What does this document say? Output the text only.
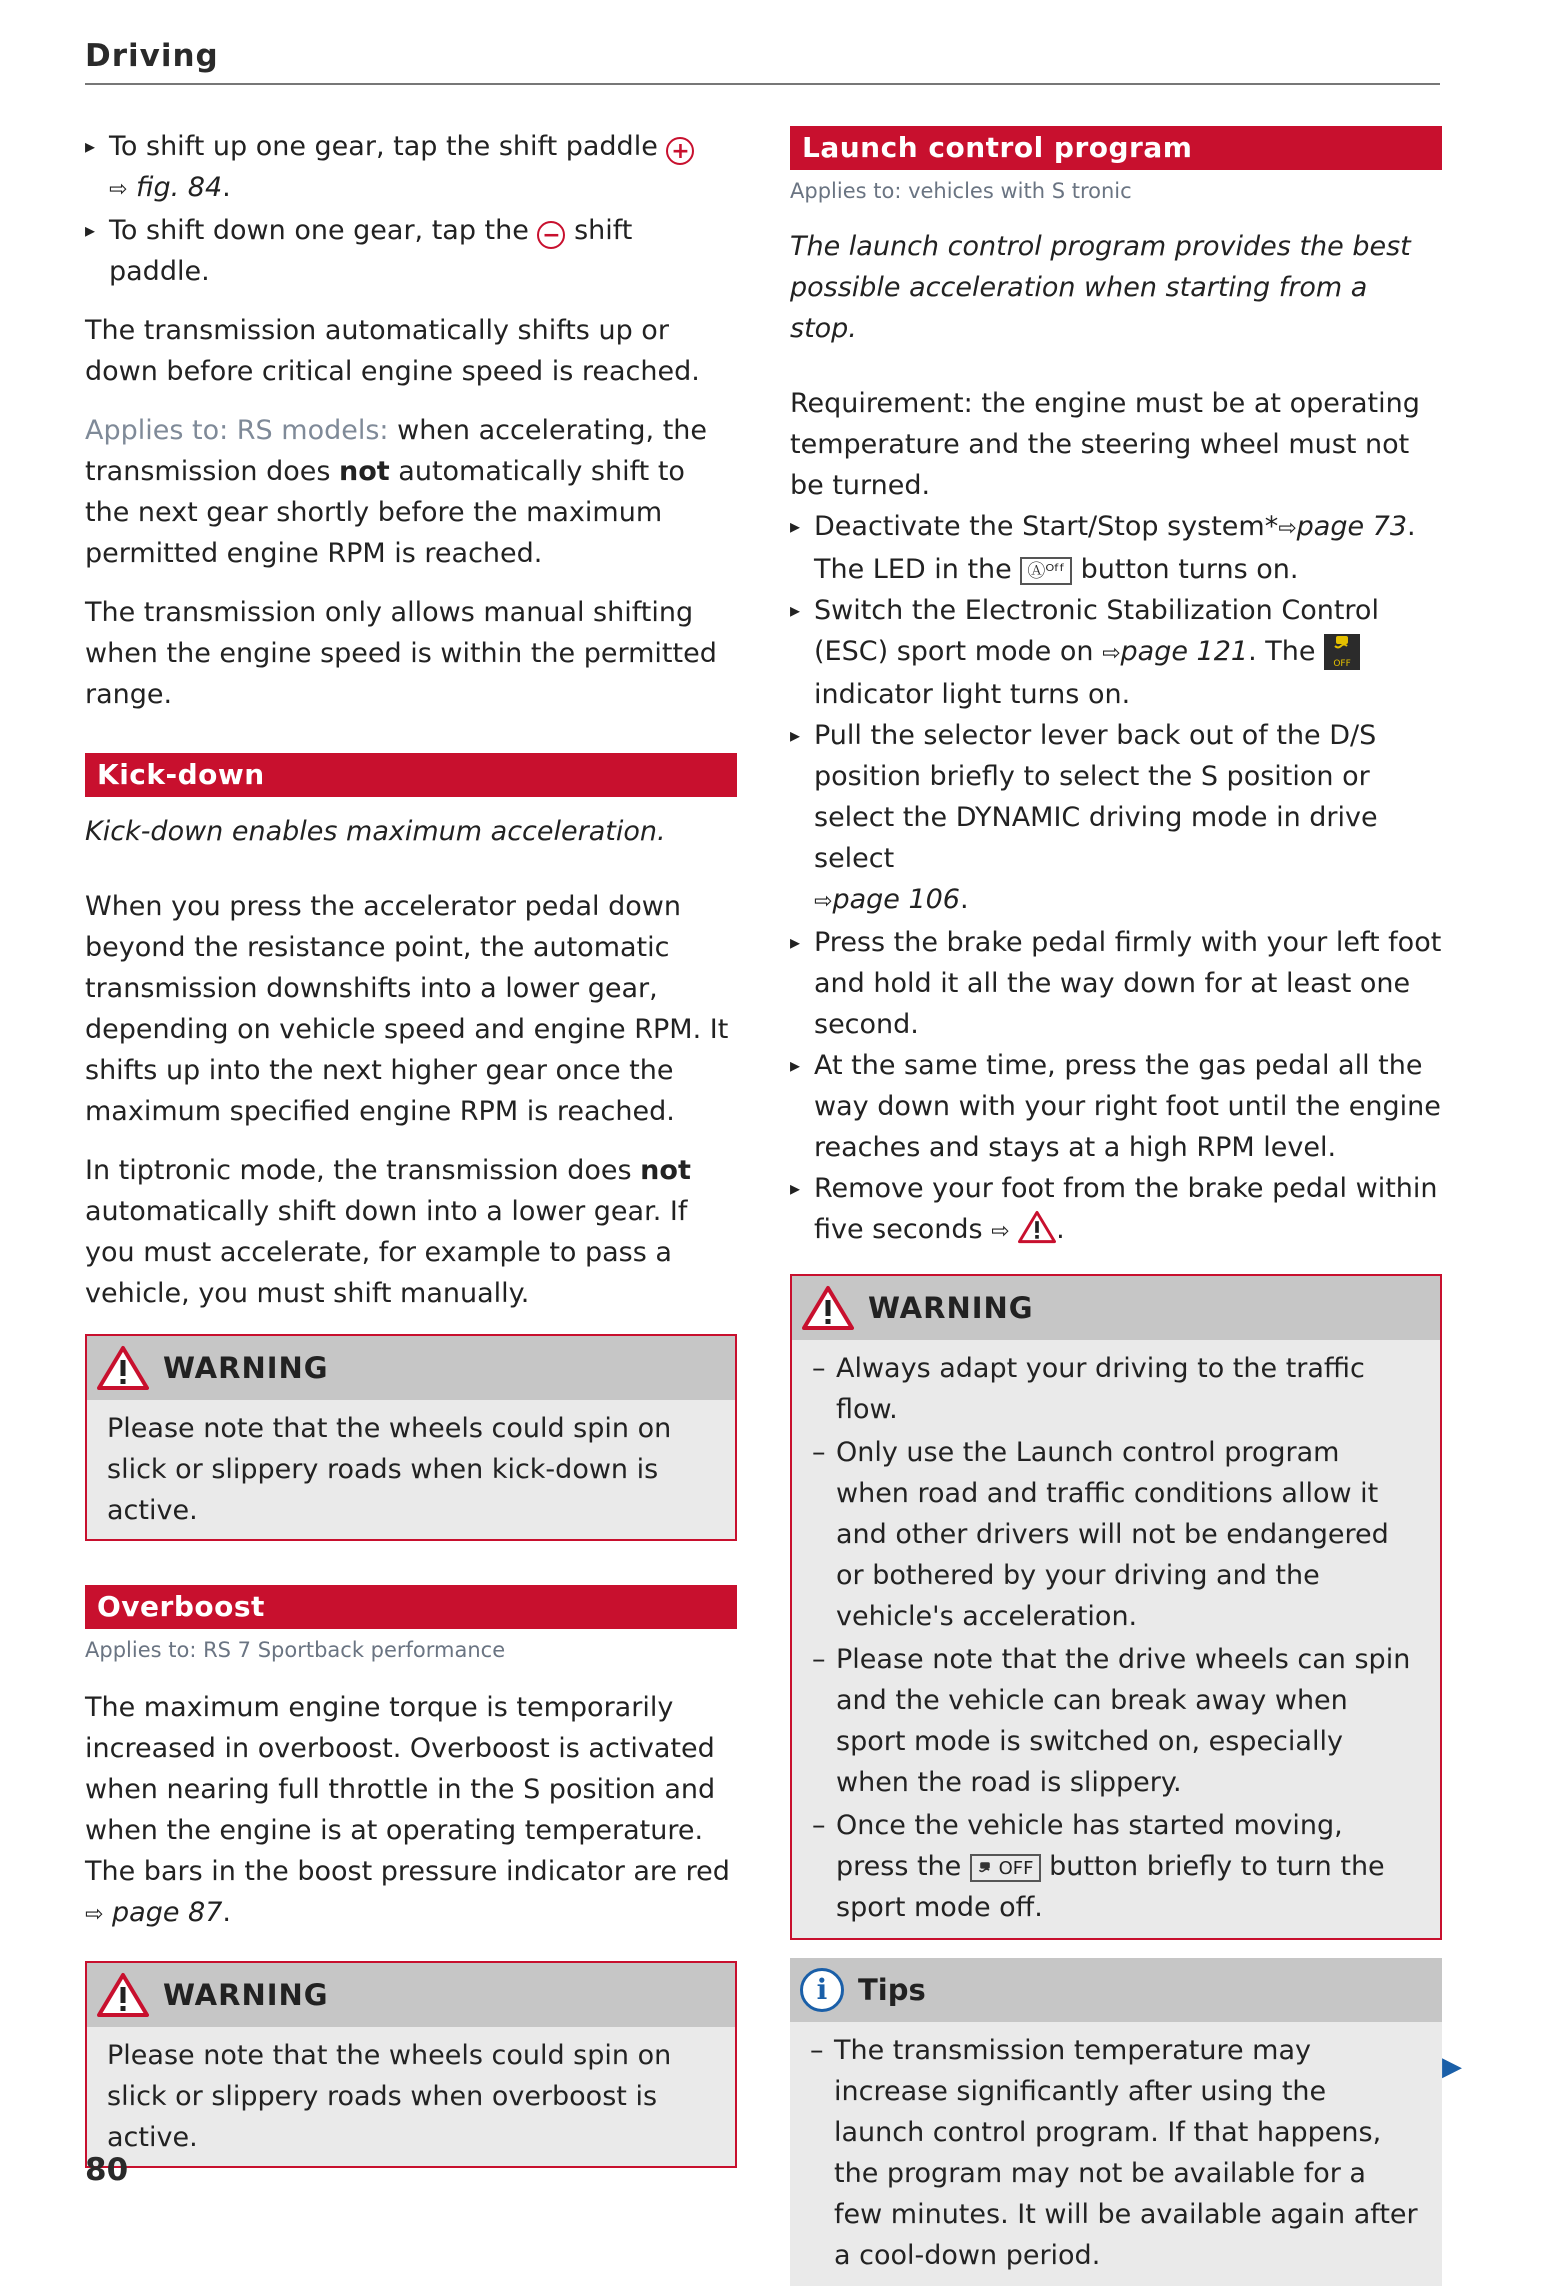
Driving
▸ To shift up one gear, tap the shift paddle +
⇨ fig. 84.
▸ To shift down one gear, tap the − shift paddle.

The transmission automatically shifts up or down before critical engine speed is reached.

Applies to: RS models: when accelerating, the transmission does not automatically shift to the next gear shortly before the maximum permitted engine RPM is reached.

The transmission only allows manual shifting when the engine speed is within the permitted range.

Kick-down

Kick-down enables maximum acceleration.

When you press the accelerator pedal down beyond the resistance point, the automatic transmission downshifts into a lower gear, depending on vehicle speed and engine RPM. It shifts up into the next higher gear once the maximum specified engine RPM is reached.

In tiptronic mode, the transmission does not automatically shift down into a lower gear. If you must accelerate, for example to pass a vehicle, you must shift manually.

WARNING
Please note that the wheels could spin on slick or slippery roads when kick-down is active.
Overboost
Applies to: RS 7 Sportback performance

The maximum engine torque is temporarily increased in overboost. Overboost is activated when nearing full throttle in the S position and when the engine is at operating temperature. The bars in the boost pressure indicator are red
⇨ page 87.

WARNING
Please note that the wheels could spin on slick or slippery roads when overboost is active.
Launch control program
Applies to: vehicles with S tronic

The launch control program provides the best possible acceleration when starting from a stop.

Requirement: the engine must be at operating temperature and the steering wheel must not be turned.

▸ Deactivate the Start/Stop system*⇨page 73.
The LED in the Ⓐᴼᶠᶠ button turns on.
▸ Switch the Electronic Stabilization Control (ESC) sport mode on ⇨page 121. The OFF indicator light turns on.
▸ Pull the selector lever back out of the D/S position briefly to select the S position or select the DYNAMIC driving mode in drive select
⇨page 106.
▸ Press the brake pedal firmly with your left foot and hold it all the way down for at least one second.
▸ At the same time, press the gas pedal all the way down with your right foot until the engine reaches and stays at a high RPM level.
▸ Remove your foot from the brake pedal within five seconds ⇨ .
WARNING
– Always adapt your driving to the traffic flow.
– Only use the Launch control program when road and traffic conditions allow it and other drivers will not be endangered or bothered by your driving and the vehicle's acceleration.
– Please note that the drive wheels can spin and the vehicle can break away when sport mode is switched on, especially when the road is slippery.
– Once the vehicle has started moving, press the OFF button briefly to turn the sport mode off.
i	Tips
– The transmission temperature may increase significantly after using the launch control program. If that happens, the program may not be available for a few minutes. It will be available again after a cool-down period.
▶
80
